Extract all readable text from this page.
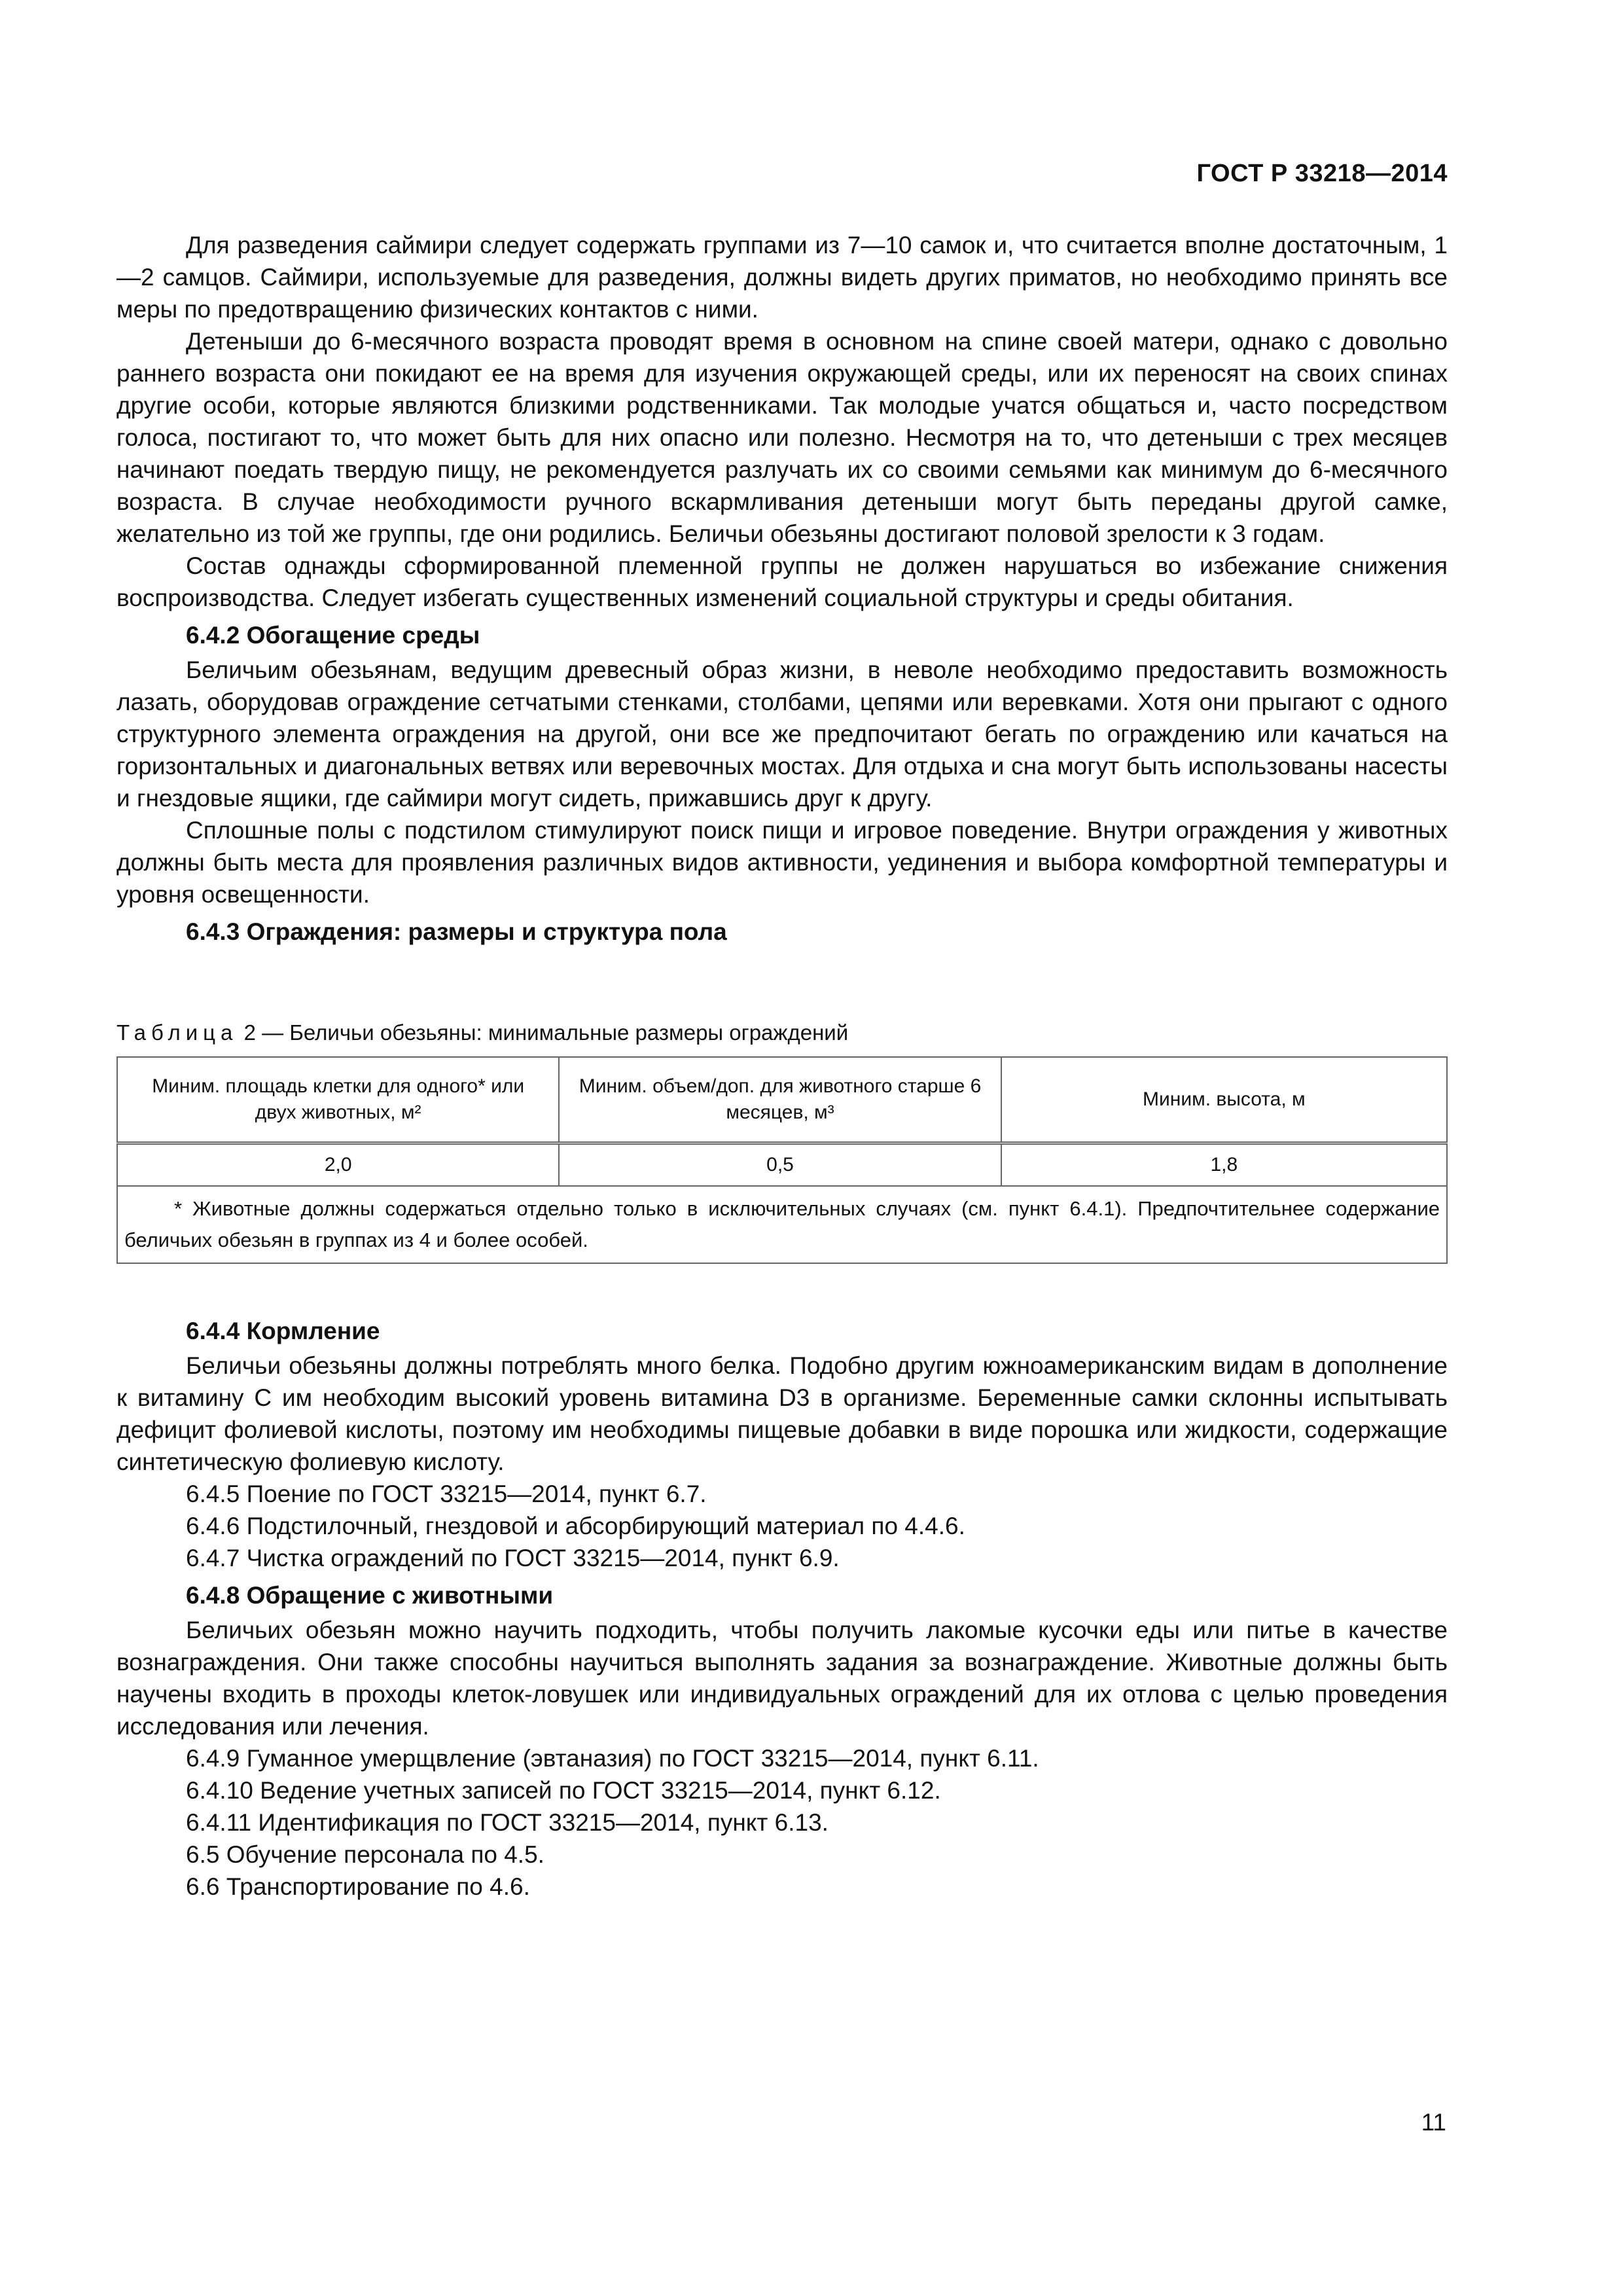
ГОСТ Р 33218—2014

Для разведения саймири следует содержать группами из 7—10 самок и, что считается вполне достаточным, 1—2 самцов. Саймири, используемые для разведения, должны видеть других приматов, но необходимо принять все меры по предотвращению физических контактов с ними.

Детеныши до 6-месячного возраста проводят время в основном на спине своей матери, однако с довольно раннего возраста они покидают ее на время для изучения окружающей среды, или их переносят на своих спинах другие особи, которые являются близкими родственниками. Так молодые учатся общаться и, часто посредством голоса, постигают то, что может быть для них опасно или полезно. Несмотря на то, что детеныши с трех месяцев начинают поедать твердую пищу, не рекомендуется разлучать их со своими семьями как минимум до 6-месячного возраста. В случае необходимости ручного вскармливания детеныши могут быть переданы другой самке, желательно из той же группы, где они родились. Беличьи обезьяны достигают половой зрелости к 3 годам.

Состав однажды сформированной племенной группы не должен нарушаться во избежание снижения воспроизводства. Следует избегать существенных изменений социальной структуры и среды обитания.

6.4.2 Обогащение среды

Беличьим обезьянам, ведущим древесный образ жизни, в неволе необходимо предоставить возможность лазать, оборудовав ограждение сетчатыми стенками, столбами, цепями или веревками. Хотя они прыгают с одного структурного элемента ограждения на другой, они все же предпочитают бегать по ограждению или качаться на горизонтальных и диагональных ветвях или веревочных мостах. Для отдыха и сна могут быть использованы насесты и гнездовые ящики, где саймири могут сидеть, прижавшись друг к другу.

Сплошные полы с подстилом стимулируют поиск пищи и игровое поведение. Внутри ограждения у животных должны быть места для проявления различных видов активности, уединения и выбора комфортной температуры и уровня освещенности.

6.4.3 Ограждения: размеры и структура пола
Таблица 2 — Беличьи обезьяны: минимальные размеры ограждений
Миним. площадь клетки для одного* или двух животных, м²	Миним. объем/доп. для животного старше 6 месяцев, м³	Миним. высота, м
2,0	0,5	1,8
* Животные должны содержаться отдельно только в исключительных случаях (см. пункт 6.4.1). Предпочтительнее содержание беличьих обезьян в группах из 4 и более особей.		
6.4.4 Кормление

Беличьи обезьяны должны потреблять много белка. Подобно другим южноамериканским видам в дополнение к витамину С им необходим высокий уровень витамина D3 в организме. Беременные самки склонны испытывать дефицит фолиевой кислоты, поэтому им необходимы пищевые добавки в виде порошка или жидкости, содержащие синтетическую фолиевую кислоту.

6.4.5 Поение по ГОСТ 33215—2014, пункт 6.7.
6.4.6 Подстилочный, гнездовой и абсорбирующий материал по 4.4.6.
6.4.7 Чистка ограждений по ГОСТ 33215—2014, пункт 6.9.
6.4.8 Обращение с животными

Беличьих обезьян можно научить подходить, чтобы получить лакомые кусочки еды или питье в качестве вознаграждения. Они также способны научиться выполнять задания за вознаграждение. Животные должны быть научены входить в проходы клеток-ловушек или индивидуальных ограждений для их отлова с целью проведения исследования или лечения.

6.4.9 Гуманное умерщвление (эвтаназия) по ГОСТ 33215—2014, пункт 6.11.
6.4.10 Ведение учетных записей по ГОСТ 33215—2014, пункт 6.12.
6.4.11 Идентификация по ГОСТ 33215—2014, пункт 6.13.
6.5 Обучение персонала по 4.5.
6.6 Транспортирование по 4.6.
11
